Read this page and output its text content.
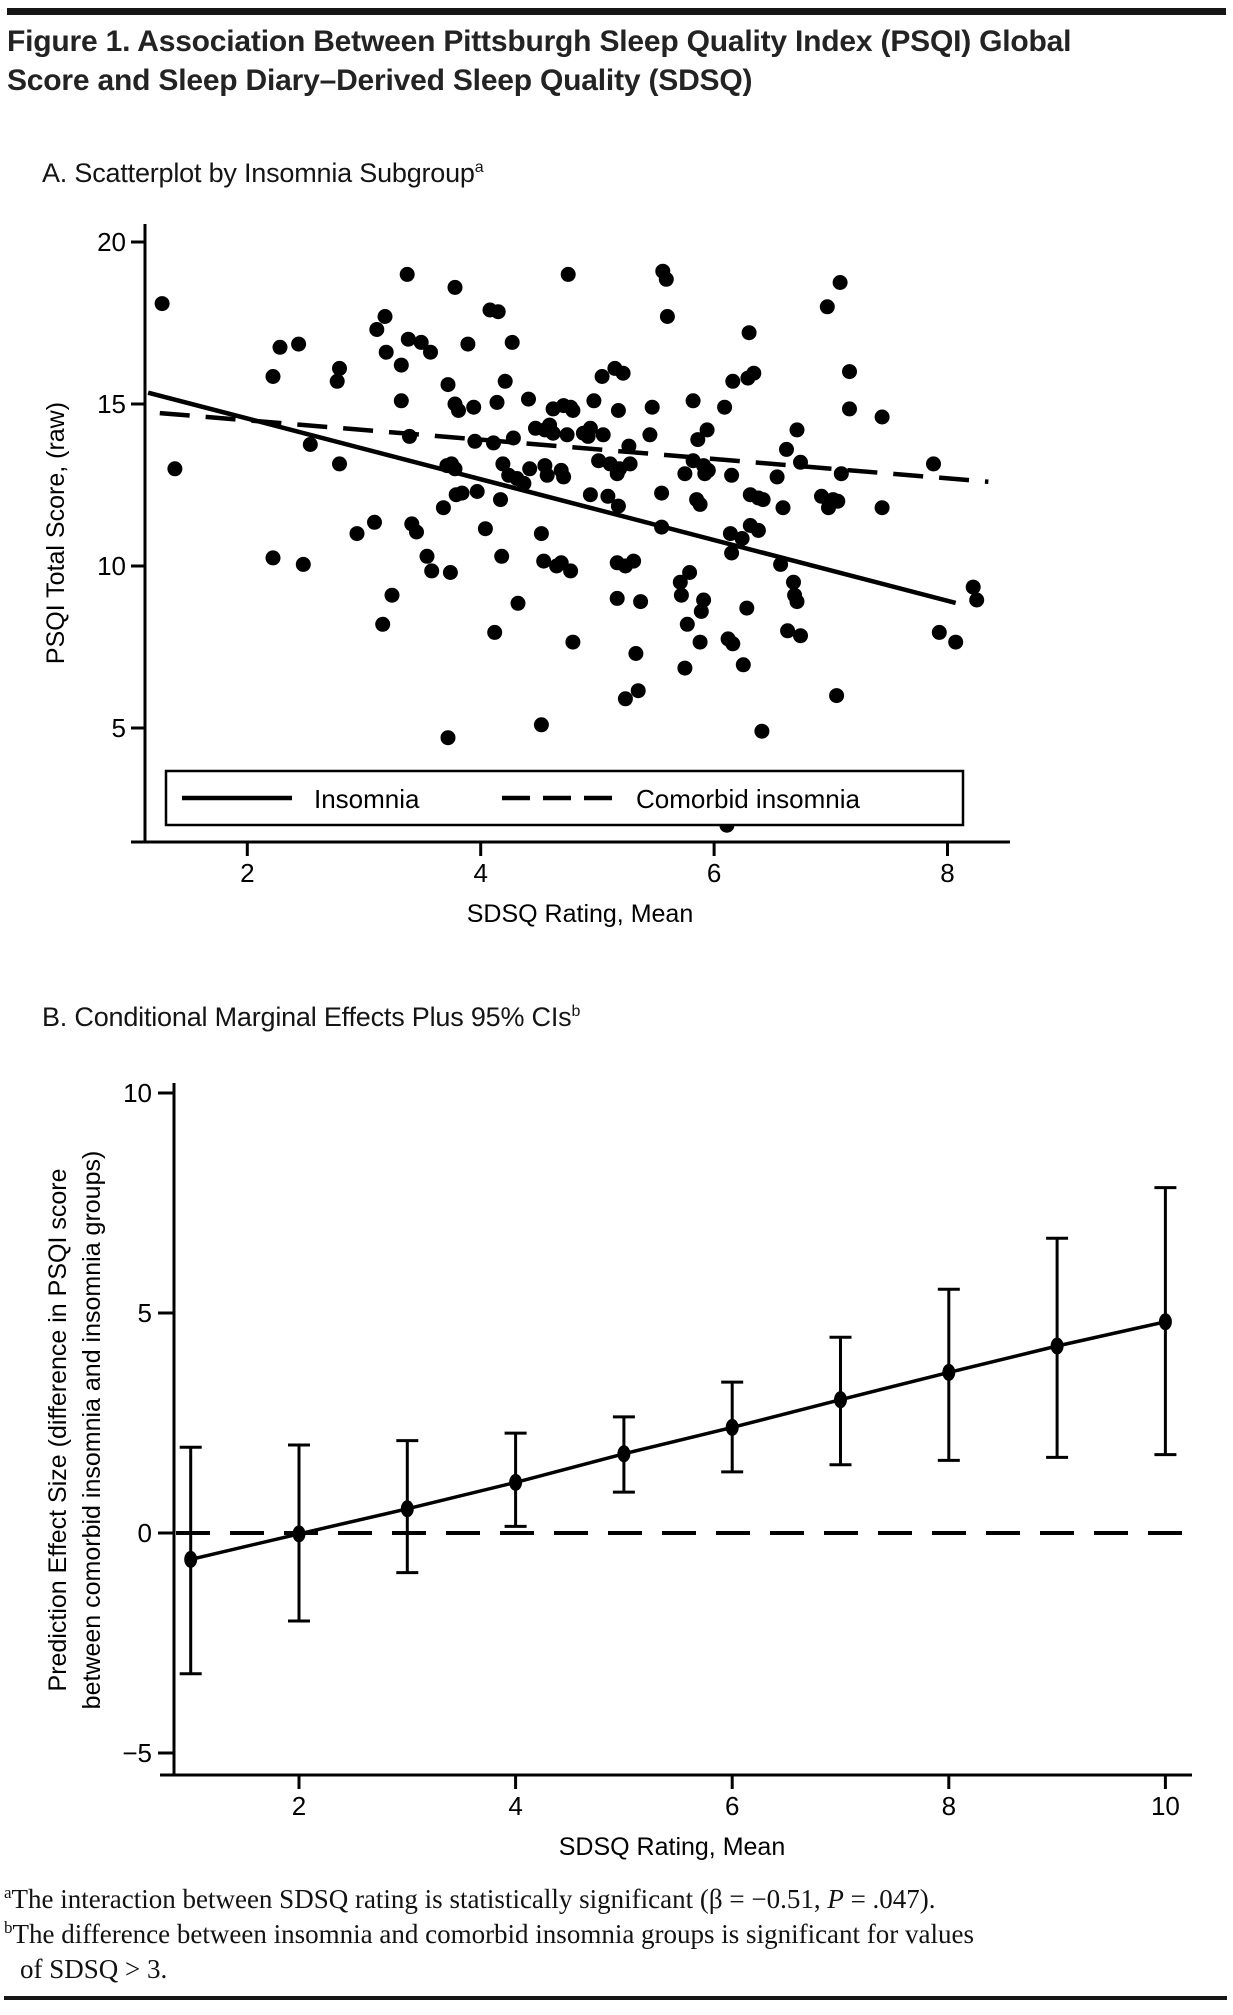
Figure 1. Association Between Pittsburgh Sleep Quality Index (PSQI) Global
Score and Sleep Diary–Derived Sleep Quality (SDSQ)
A. Scatterplot by Insomnia Subgroup$^a$
B. Conditional Marginal Effects Plus 95% CIs$^b$
20
15
10
5
2	4	6	8
SDSQ Rating, Mean
PSQI Total Score, (raw)
Insomnia	Comorbid insomnia
10
5
0
−5
2	4	6	8	10
SDSQ Rating, Mean
Prediction Effect Size (difference in PSQI score between comorbid insomnia and insomnia groups)
$^a$The interaction between SDSQ rating is statistically significant (β = −0.51, P = .047).
$^b$The difference between insomnia and comorbid insomnia groups is significant for values
of SDSQ > 3.
